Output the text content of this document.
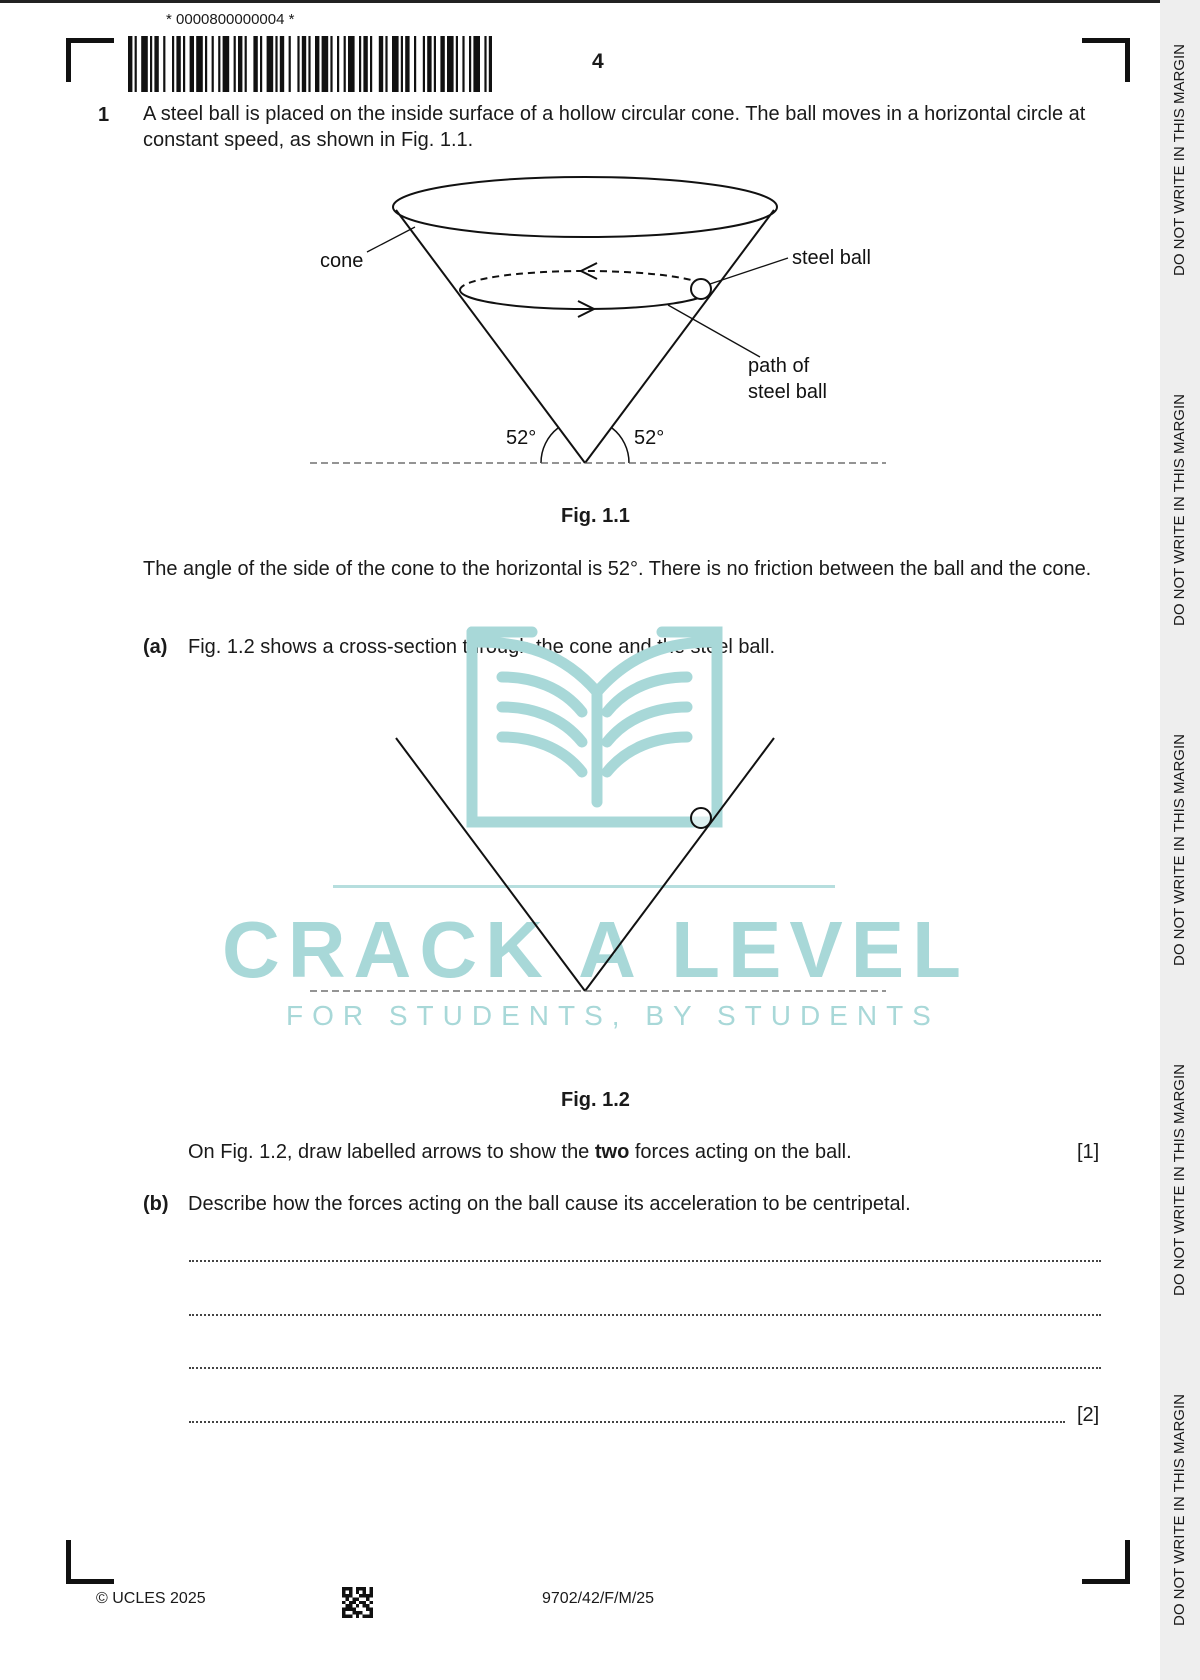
DO NOT WRITE IN THIS MARGIN
DO NOT WRITE IN THIS MARGIN
DO NOT WRITE IN THIS MARGIN
DO NOT WRITE IN THIS MARGIN
DO NOT WRITE IN THIS MARGIN
* 0000800000004 *
4
1 A steel ball is placed on the inside surface of a hollow circular cone. The ball moves in a horizontal circle at constant speed, as shown in Fig. 1.1.
cone	steel ball
path of
steel ball
52°	52°
Fig. 1.1
The angle of the side of the cone to the horizontal is 52°. There is no friction between the ball and the cone.
(a) Fig. 1.2 shows a cross-section through the cone and the steel ball.
CRACK A LEVEL
FOR STUDENTS, BY STUDENTS
Fig. 1.2
On Fig. 1.2, draw labelled arrows to show the two forces acting on the ball.	[1]
(b) Describe how the forces acting on the ball cause its acceleration to be centripetal.
[2]
© UCLES 2025	9702/42/F/M/25
